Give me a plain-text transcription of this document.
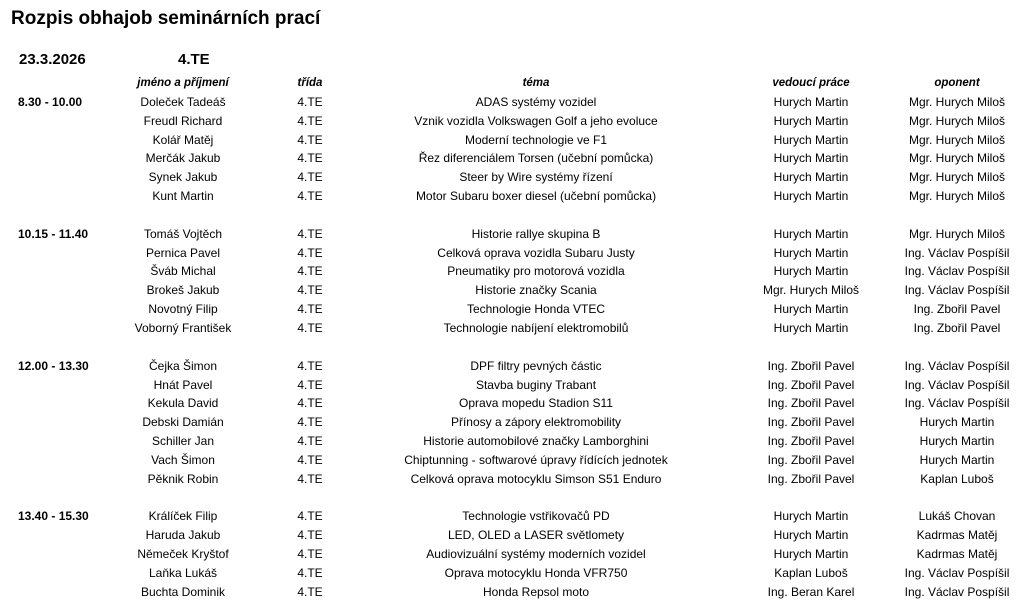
Rozpis obhajob seminárních prací
23.3.2026	4.TE
jméno a příjmení	třída	téma	vedoucí práce	oponent
8.30 - 10.00	Doleček Tadeáš	4.TE	ADAS systémy vozidel	Hurych Martin	Mgr. Hurych Miloš
Freudl Richard	4.TE	Vznik vozidla Volkswagen Golf a jeho evoluce	Hurych Martin	Mgr. Hurych Miloš
Kolář Matěj	4.TE	Moderní technologie ve F1	Hurych Martin	Mgr. Hurych Miloš
Merčák Jakub	4.TE	Řez diferenciálem Torsen (učební pomůcka)	Hurych Martin	Mgr. Hurych Miloš
Synek Jakub	4.TE	Steer by Wire systémy řízení	Hurych Martin	Mgr. Hurych Miloš
Kunt Martin	4.TE	Motor Subaru boxer diesel (učební pomůcka)	Hurych Martin	Mgr. Hurych Miloš
10.15 - 11.40	Tomáš Vojtěch	4.TE	Historie rallye skupina B	Hurych Martin	Mgr. Hurych Miloš
Pernica Pavel	4.TE	Celková oprava vozidla Subaru Justy	Hurych Martin	Ing. Václav Pospíšil
Šváb Michal	4.TE	Pneumatiky pro motorová vozidla	Hurych Martin	Ing. Václav Pospíšil
Brokeš Jakub	4.TE	Historie značky Scania	Mgr. Hurych Miloš	Ing. Václav Pospíšil
Novotný Filip	4.TE	Technologie Honda VTEC	Hurych Martin	Ing. Zbořil Pavel
Voborný František	4.TE	Technologie nabíjení elektromobilů	Hurych Martin	Ing. Zbořil Pavel
12.00 - 13.30	Čejka Šimon	4.TE	DPF filtry pevných částic	Ing. Zbořil Pavel	Ing. Václav Pospíšil
Hnát Pavel	4.TE	Stavba buginy Trabant	Ing. Zbořil Pavel	Ing. Václav Pospíšil
Kekula David	4.TE	Oprava mopedu Stadion S11	Ing. Zbořil Pavel	Ing. Václav Pospíšil
Debski Damián	4.TE	Přínosy a zápory elektromobility	Ing. Zbořil Pavel	Hurych Martin
Schiller Jan	4.TE	Historie automobilové značky Lamborghini	Ing. Zbořil Pavel	Hurych Martin
Vach Šimon	4.TE	Chiptunning - softwarové úpravy řídících jednotek	Ing. Zbořil Pavel	Hurych Martin
Pěknik Robin	4.TE	Celková oprava motocyklu Simson S51 Enduro	Ing. Zbořil Pavel	Kaplan Luboš
13.40 - 15.30	Králíček Filip	4.TE	Technologie vstřikovačů PD	Hurych Martin	Lukáš Chovan
Haruda Jakub	4.TE	LED, OLED a LASER světlomety	Hurych Martin	Kadrmas Matěj
Němeček Kryštof	4.TE	Audiovizuální systémy moderních vozidel	Hurych Martin	Kadrmas Matěj
Laňka Lukáš	4.TE	Oprava motocyklu Honda VFR750	Kaplan Luboš	Ing. Václav Pospíšil
Buchta Dominik	4.TE	Honda Repsol moto	Ing. Beran Karel	Ing. Václav Pospíšil
